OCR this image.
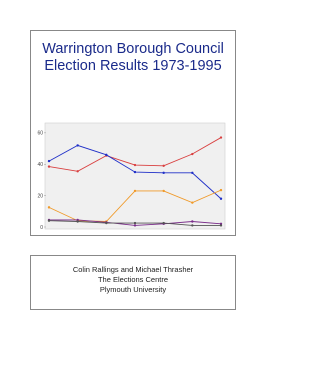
Warrington Borough Council
Election Results 1973-1995
0
20
40
60
Colin Rallings and Michael Thrasher
The Elections Centre
Plymouth University
